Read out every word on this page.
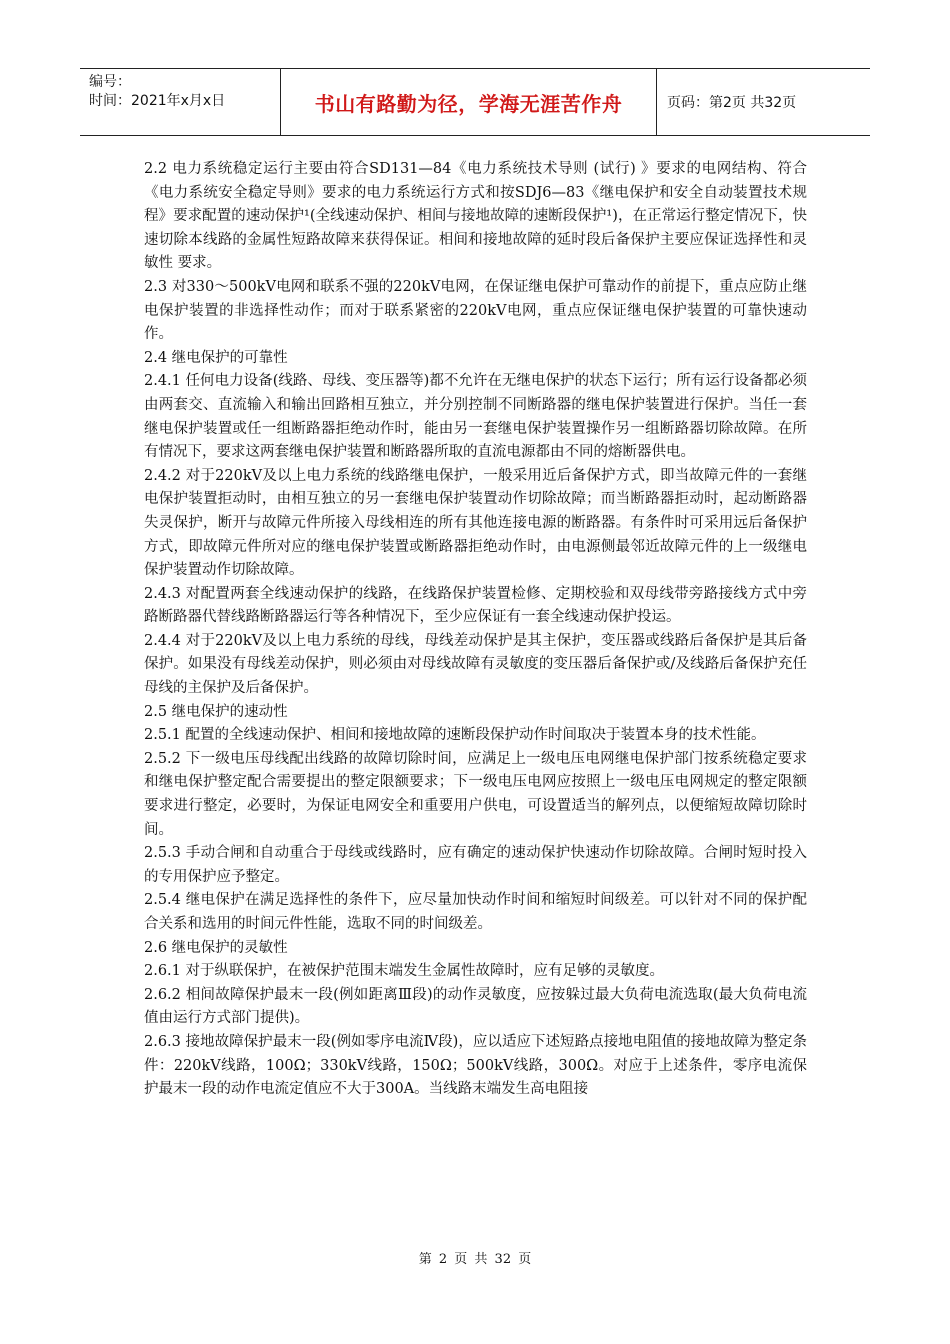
编号：
时间：2021年x月x日	书山有路勤为径，学海无涯苦作舟	页码：第2页 共32页

2.2 电力系统稳定运行主要由符合SD131—84《电力系统技术导则 (试行) 》要求的电网结构、符合《电力系统安全稳定导则》要求的电力系统运行方式和按SDJ6—83《继电保护和安全自动装置技术规程》要求配置的速动保护¹(全线速动保护、相间与接地故障的速断段保护¹)，在正常运行整定情况下，快速切除本线路的金属性短路故障来获得保证。相间和接地故障的延时段后备保护主要应保证选择性和灵敏性 要求。

2.3 对330～500kV电网和联系不强的220kV电网，在保证继电保护可靠动作的前提下，重点应防止继电保护装置的非选择性动作；而对于联系紧密的220kV电网，重点应保证继电保护装置的可靠快速动作。

2.4 继电保护的可靠性

2.4.1 任何电力设备(线路、母线、变压器等)都不允许在无继电保护的状态下运行；所有运行设备都必须由两套交、直流输入和输出回路相互独立，并分别控制不同断路器的继电保护装置进行保护。当任一套继电保护装置或任一组断路器拒绝动作时，能由另一套继电保护装置操作另一组断路器切除故障。在所有情况下，要求这两套继电保护装置和断路器所取的直流电源都由不同的熔断器供电。

2.4.2 对于220kV及以上电力系统的线路继电保护，一般采用近后备保护方式，即当故障元件的一套继电保护装置拒动时，由相互独立的另一套继电保护装置动作切除故障；而当断路器拒动时，起动断路器失灵保护，断开与故障元件所接入母线相连的所有其他连接电源的断路器。有条件时可采用远后备保护方式，即故障元件所对应的继电保护装置或断路器拒绝动作时，由电源侧最邻近故障元件的上一级继电保护装置动作切除故障。

2.4.3 对配置两套全线速动保护的线路，在线路保护装置检修、定期校验和双母线带旁路接线方式中旁路断路器代替线路断路器运行等各种情况下，至少应保证有一套全线速动保护投运。

2.4.4 对于220kV及以上电力系统的母线，母线差动保护是其主保护，变压器或线路后备保护是其后备保护。如果没有母线差动保护，则必须由对母线故障有灵敏度的变压器后备保护或/及线路后备保护充任母线的主保护及后备保护。

2.5 继电保护的速动性

2.5.1 配置的全线速动保护、相间和接地故障的速断段保护动作时间取决于装置本身的技术性能。

2.5.2 下一级电压母线配出线路的故障切除时间，应满足上一级电压电网继电保护部门按系统稳定要求和继电保护整定配合需要提出的整定限额要求；下一级电压电网应按照上一级电压电网规定的整定限额要求进行整定，必要时，为保证电网安全和重要用户供电，可设置适当的解列点，以便缩短故障切除时间。

2.5.3 手动合闸和自动重合于母线或线路时，应有确定的速动保护快速动作切除故障。合闸时短时投入的专用保护应予整定。

2.5.4 继电保护在满足选择性的条件下，应尽量加快动作时间和缩短时间级差。可以针对不同的保护配合关系和选用的时间元件性能，选取不同的时间级差。

2.6 继电保护的灵敏性

2.6.1 对于纵联保护，在被保护范围末端发生金属性故障时，应有足够的灵敏度。

2.6.2 相间故障保护最末一段(例如距离Ⅲ段)的动作灵敏度，应按躲过最大负荷电流选取(最大负荷电流值由运行方式部门提供)。

2.6.3 接地故障保护最末一段(例如零序电流Ⅳ段)，应以适应下述短路点接地电阻值的接地故障为整定条件：220kV线路，100Ω；330kV线路，150Ω；500kV线路，300Ω。对应于上述条件，零序电流保护最末一段的动作电流定值应不大于300A。当线路末端发生高电阻接

第 2 页 共 32 页
